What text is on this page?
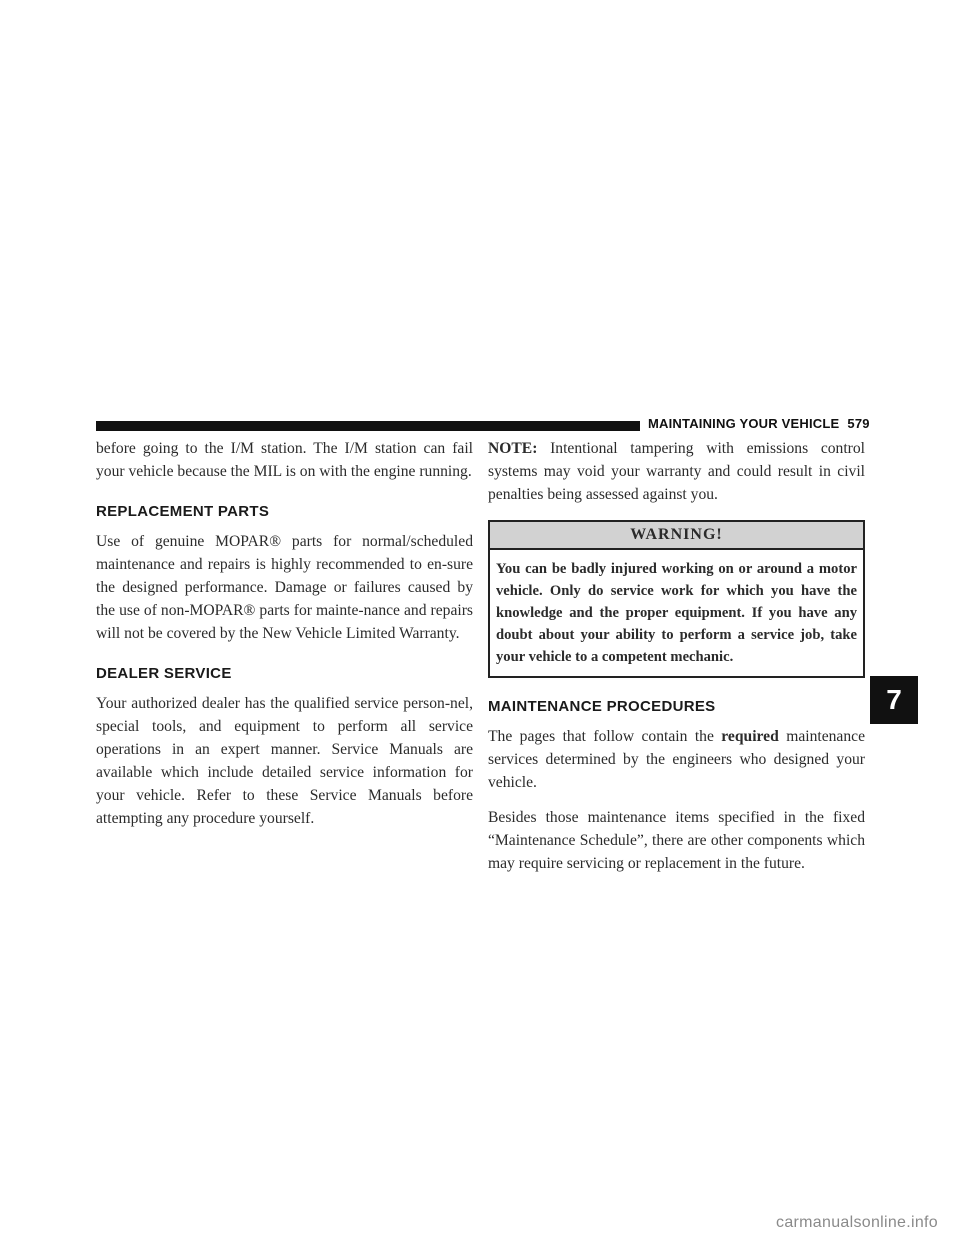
MAINTAINING YOUR VEHICLE 579

before going to the I/M station. The I/M station can fail your vehicle because the MIL is on with the engine running.

REPLACEMENT PARTS

Use of genuine MOPAR® parts for normal/scheduled maintenance and repairs is highly recommended to en-sure the designed performance. Damage or failures caused by the use of non-MOPAR® parts for mainte-nance and repairs will not be covered by the New Vehicle Limited Warranty.

DEALER SERVICE

Your authorized dealer has the qualified service person-nel, special tools, and equipment to perform all service operations in an expert manner. Service Manuals are available which include detailed service information for your vehicle. Refer to these Service Manuals before attempting any procedure yourself.

NOTE: Intentional tampering with emissions control systems may void your warranty and could result in civil penalties being assessed against you.

WARNING!
You can be badly injured working on or around a motor vehicle. Only do service work for which you have the knowledge and the proper equipment. If you have any doubt about your ability to perform a service job, take your vehicle to a competent mechanic.
MAINTENANCE PROCEDURES

The pages that follow contain the required maintenance services determined by the engineers who designed your vehicle.

Besides those maintenance items specified in the fixed “Maintenance Schedule”, there are other components which may require servicing or replacement in the future.

7
carmanualsonline.info
